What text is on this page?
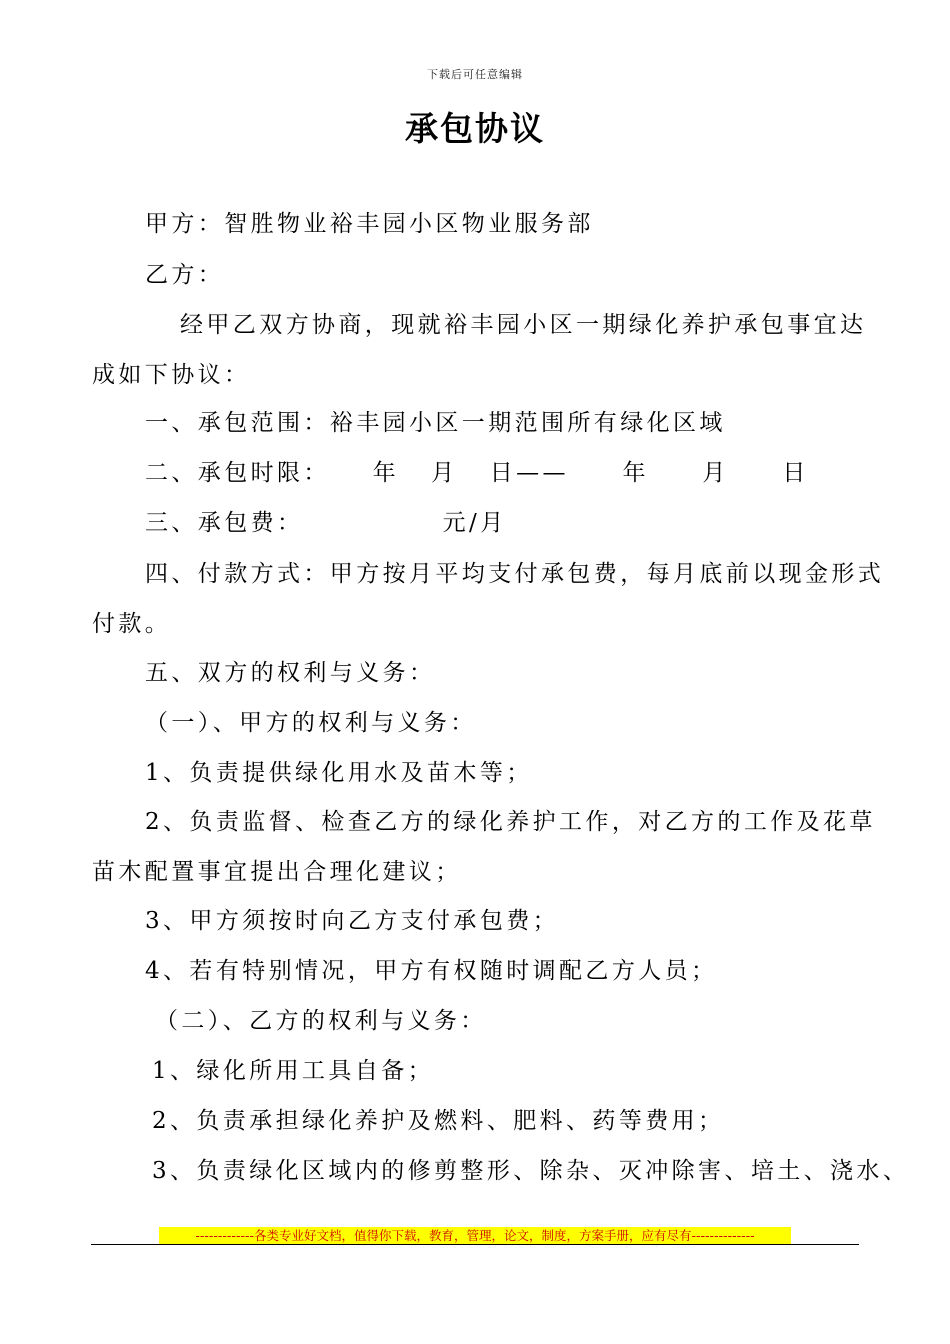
下载后可任意编辑
承包协议
甲方：智胜物业裕丰园小区物业服务部
乙方：
经甲乙双方协商，现就裕丰园小区一期绿化养护承包事宜达
成如下协议：
一、承包范围：裕丰园小区一期范围所有绿化区域
二、承包时限：    年   月   日——     年     月     日
三、承包费：             元/月
四、付款方式：甲方按月平均支付承包费，每月底前以现金形式
付款。
五、双方的权利与义务：
（一）、甲方的权利与义务：
1、负责提供绿化用水及苗木等；
2、负责监督、检查乙方的绿化养护工作，对乙方的工作及花草
苗木配置事宜提出合理化建议；
3、甲方须按时向乙方支付承包费；
4、若有特别情况，甲方有权随时调配乙方人员；
（二）、乙方的权利与义务：
1、绿化所用工具自备；
2、负责承担绿化养护及燃料、肥料、药等费用；
3、负责绿化区域内的修剪整形、除杂、灭冲除害、培土、浇水、
-------------各类专业好文档，值得你下载，教育，管理，论文，制度，方案手册，应有尽有--------------
